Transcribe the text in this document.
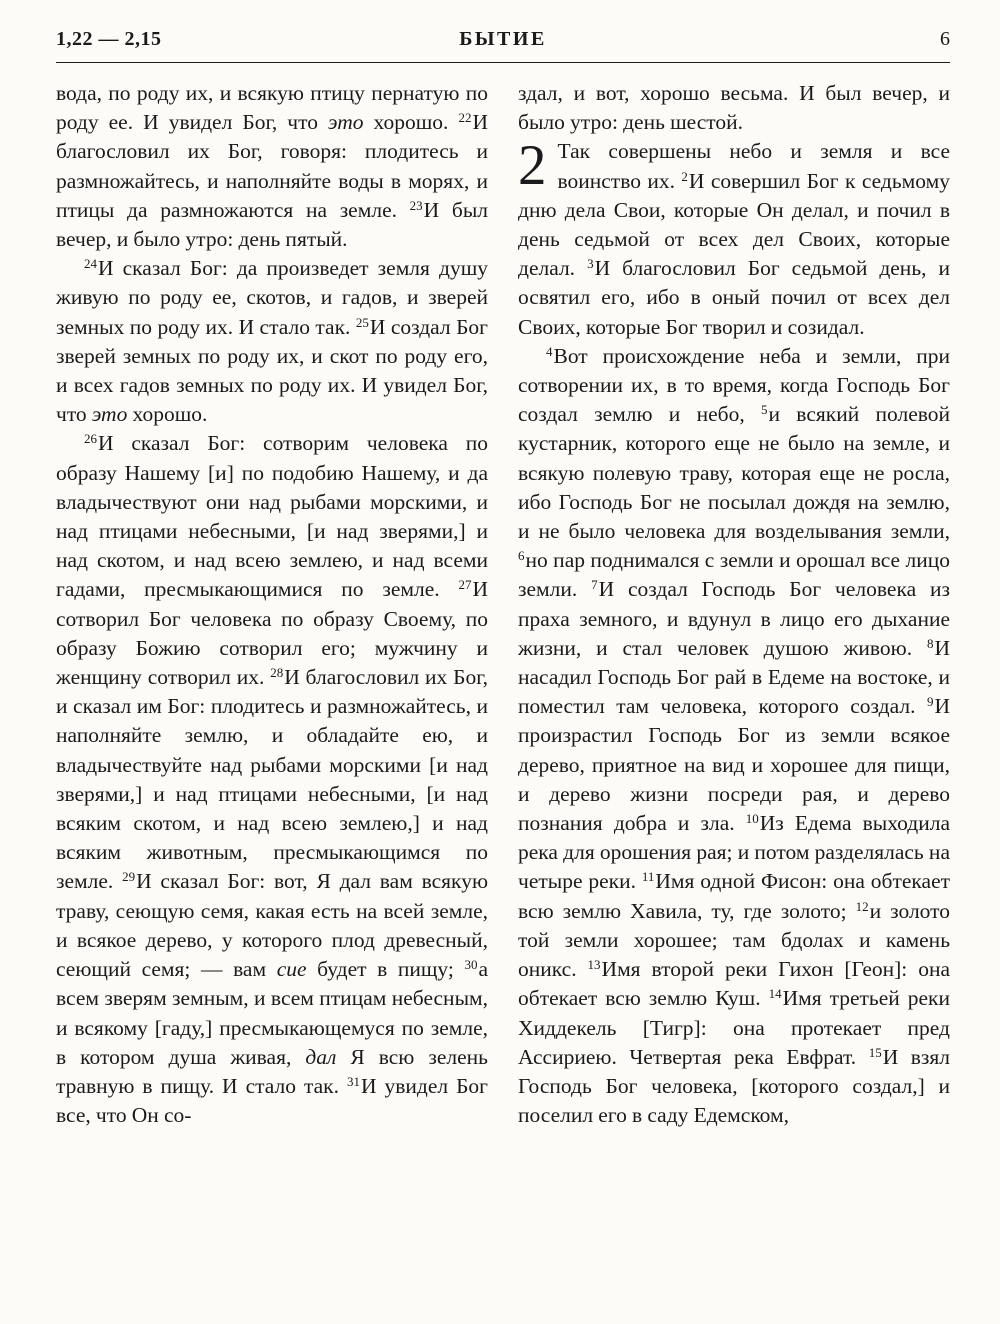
1,22 — 2,15	БЫТИЕ	6

вода, по роду их, и всякую птицу пернатую по роду ее. И увидел Бог, что это хорошо. $^{22}$И благословил их Бог, говоря: плодитесь и размножайтесь, и наполняйте воды в морях, и птицы да размножаются на земле. $^{23}$И был вечер, и было утро: день пятый.

$^{24}$И сказал Бог: да произведет земля душу живую по роду ее, скотов, и гадов, и зверей земных по роду их. И стало так. $^{25}$И создал Бог зверей земных по роду их, и скот по роду его, и всех гадов земных по роду их. И увидел Бог, что это хорошо.

$^{26}$И сказал Бог: сотворим человека по образу Нашему [и] по подобию Нашему, и да владычествуют они над рыбами морскими, и над птицами небесными, [и над зверями,] и над скотом, и над всею землею, и над всеми гадами, пресмыкающимися по земле. $^{27}$И сотворил Бог человека по образу Своему, по образу Божию сотворил его; мужчину и женщину сотворил их. $^{28}$И благословил их Бог, и сказал им Бог: плодитесь и размножайтесь, и наполняйте землю, и обладайте ею, и владычествуйте над рыбами морскими [и над зверями,] и над птицами небесными, [и над всяким скотом, и над всею землею,] и над всяким животным, пресмыкающимся по земле. $^{29}$И сказал Бог: вот, Я дал вам всякую траву, сеющую семя, какая есть на всей земле, и всякое дерево, у которого плод древесный, сеющий семя; — вам сие будет в пищу; $^{30}$а всем зверям земным, и всем птицам небесным, и всякому [гаду,] пресмыкающемуся по земле, в котором душа живая, дал Я всю зелень травную в пищу. И стало так. $^{31}$И увидел Бог все, что Он со-

здал, и вот, хорошо весьма. И был вечер, и было утро: день шестой.

2 Так совершены небо и земля и все воинство их. $^2$И совершил Бог к седьмому дню дела Свои, которые Он делал, и почил в день седьмой от всех дел Своих, которые делал. $^3$И благословил Бог седьмой день, и освятил его, ибо в оный почил от всех дел Своих, которые Бог творил и созидал.

$^4$Вот происхождение неба и земли, при сотворении их, в то время, когда Господь Бог создал землю и небо, $^5$и всякий полевой кустарник, которого еще не было на земле, и всякую полевую траву, которая еще не росла, ибо Господь Бог не посылал дождя на землю, и не было человека для возделывания земли, $^6$но пар поднимался с земли и орошал все лицо земли. $^7$И создал Господь Бог человека из праха земного, и вдунул в лицо его дыхание жизни, и стал человек душою живою. $^8$И насадил Господь Бог рай в Едеме на востоке, и поместил там человека, которого создал. $^9$И произрастил Господь Бог из земли всякое дерево, приятное на вид и хорошее для пищи, и дерево жизни посреди рая, и дерево познания добра и зла. $^{10}$Из Едема выходила река для орошения рая; и потом разделялась на четыре реки. $^{11}$Имя одной Фисон: она обтекает всю землю Хавила, ту, где золото; $^{12}$и золото той земли хорошее; там бдолах и камень оникс. $^{13}$Имя второй реки Гихон [Геон]: она обтекает всю землю Куш. $^{14}$Имя третьей реки Хиддекель [Тигр]: она протекает пред Ассириею. Четвертая река Евфрат. $^{15}$И взял Господь Бог человека, [которого создал,] и поселил его в саду Едемском,
